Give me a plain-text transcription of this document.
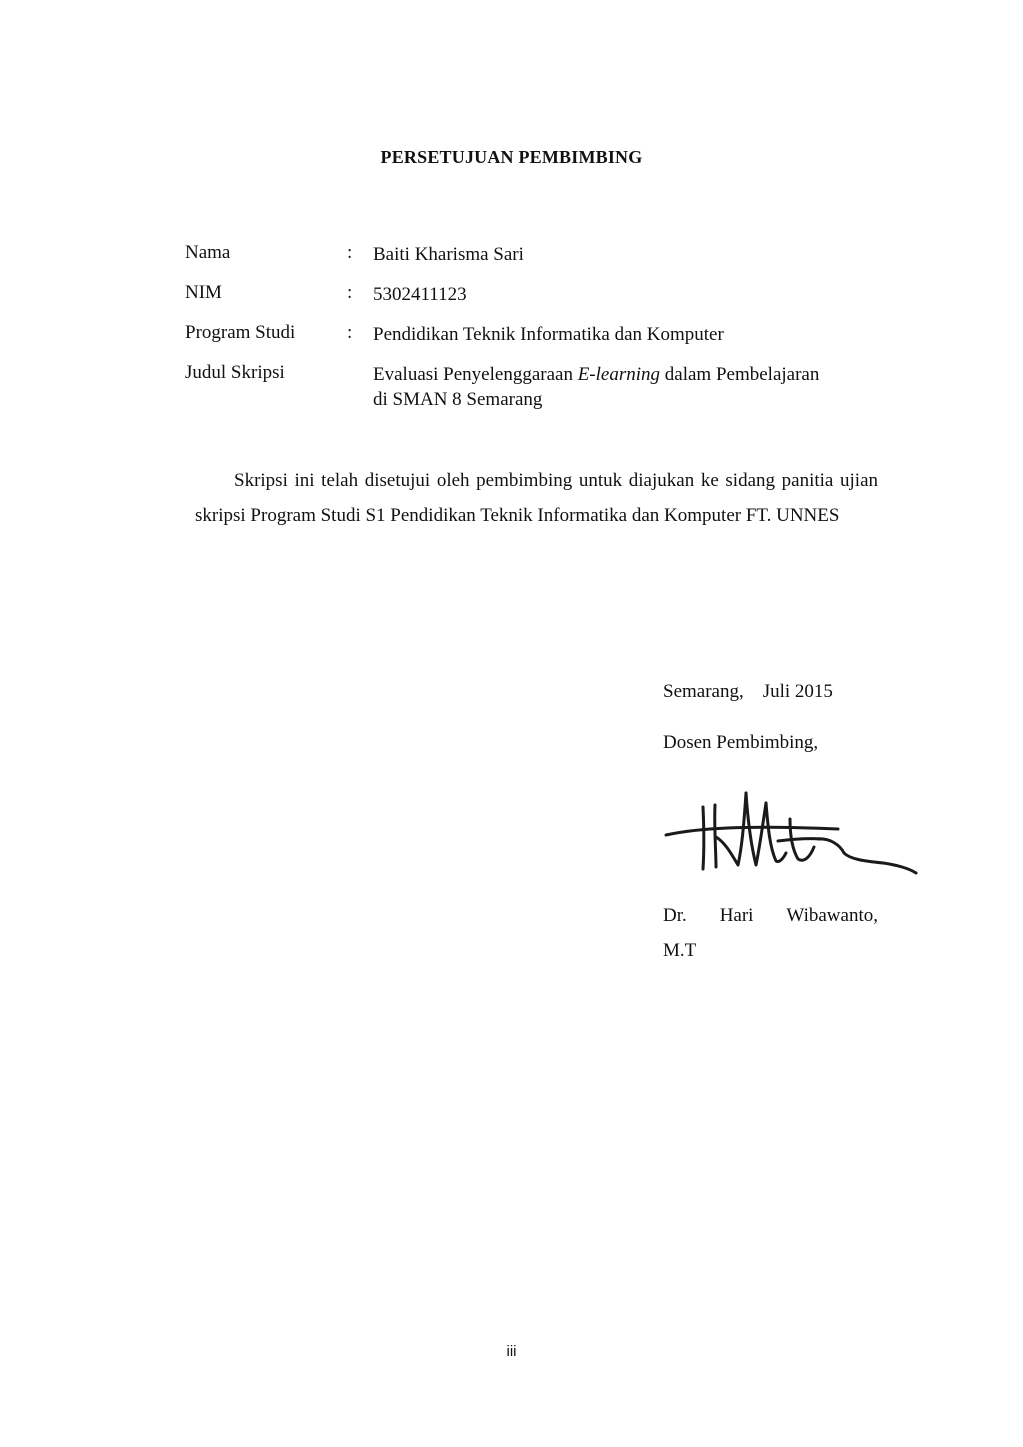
PERSETUJUAN PEMBIMBING
Nama	: Baiti Kharisma Sari
NIM	: 5302411123
Program Studi	: Pendidikan Teknik Informatika dan Komputer
Judul Skripsi	Evaluasi Penyelenggaraan E-learning dalam Pembelajaran
di SMAN 8 Semarang
Skripsi ini telah disetujui oleh pembimbing untuk diajukan ke sidang panitia ujian skripsi Program Studi S1 Pendidikan Teknik Informatika dan Komputer FT. UNNES
Semarang,    Juli 2015
Dosen Pembimbing,
Dr. Hari Wibawanto,
M.T
iii
